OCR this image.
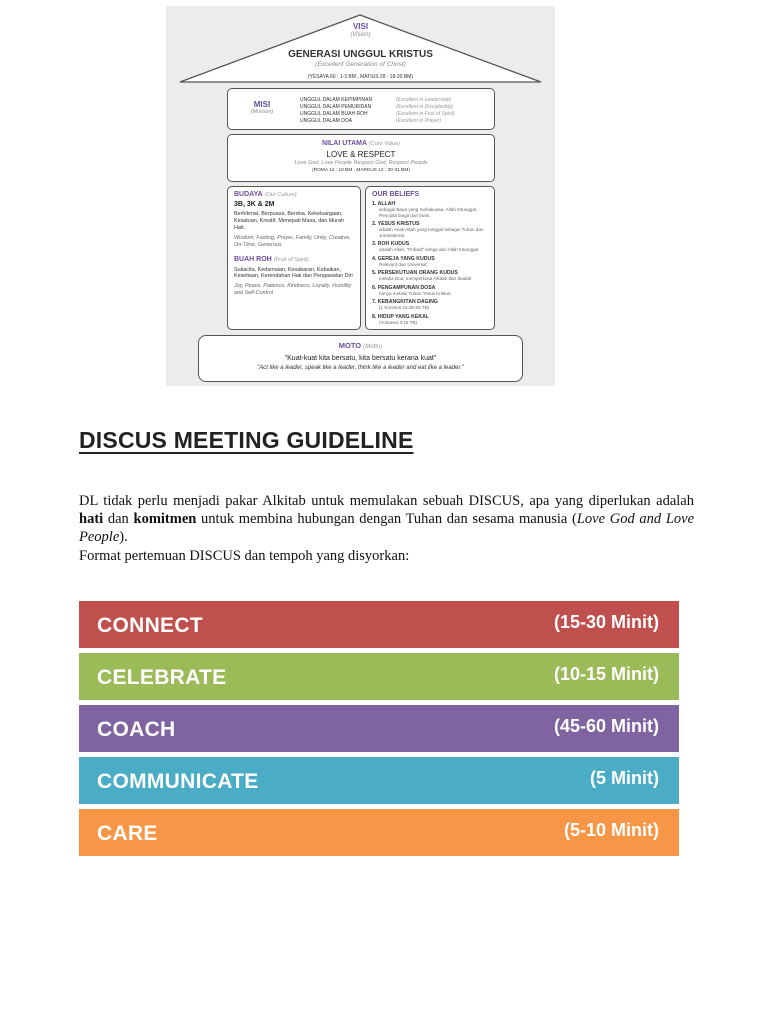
VISI
(Vision)
GENERASI UNGGUL KRISTUS
(Excellent Generation of Christ)
(YESAYA 60 : 1-3 BM , MATIUS 28 : 18-20 BM)
MISI
(Mission)
UNGGUL DALAM KEPIMPINAN	(Excellent in Leadership)
UNGGUL DALAM PEMURIDAN	(Excellent in Discipleship)
UNGGUL DALAM BUAH ROH	(Excellent in Fruit of Spirit)
UNGGUL DALAM DOA	(Excellent in Prayer)
NILAI UTAMA (Core Value)
LOVE & RESPECT
Love God, Love People Respect God, Respect People
(ROMA 12 : 10 BM , MARKUS 12 : 30-31 BM)
BUDAYA (Our Culture)
3B, 3K & 2M
Berhikmat, Berpuasa, Berdoa, Kekeluargaan, Kesatuan, Kreatif, Menepati Masa, dan Murah Hati.
Wisdom, Fasting, Prayer, Family, Unity, Creative, On-Time, Generous
BUAH ROH (Fruit of Spirit)
Sukacita, Kedamaian, Kesabaran, Kebaikan, Kesetiaan, Kerendahan Hati dan Pengawalan Diri
Joy, Peace, Patience, Kindness, Loyalty, Humility and Self-Control
OUR BELIEFS
1. ALLAH
sebagai Bapa yang mahakuasa, Allah tritunggal, Pencipta langit dan bumi.
2. YESUS KRISTUS
adalah Anak Allah yang tunggal sebagai Tuhan dan Juruselamat.
3. ROH KUDUS
adalah Allah, "Pribadi" ketiga dari Allah tritunggal.
4. GEREJA YANG KUDUS
Relevant dan Universal.
5. PERSEKUTUAN ORANG KUDUS
melalui Doa, memperkasa Alkitab dan Ibadah
6. PENGAMPUNAN DOSA
hanya melalui Tuhan Yesus Kristus.
7. KEBANGKITAN DAGING
(1 Korintus 15:35-58 TB)
8. HIDUP YANG KEKAL
(Yohanes 3:16 TB)
MOTO (Motto)
"Kuat-kuat kita bersatu, kita bersatu kerana kuat"
"Act like a leader, speak like a leader, think like a leader and eat like a leader."
DISCUS MEETING GUIDELINE
DL tidak perlu menjadi pakar Alkitab untuk memulakan sebuah DISCUS, apa yang diperlukan adalah hati dan komitmen untuk membina hubungan dengan Tuhan dan sesama manusia (Love God and Love People).
Format pertemuan DISCUS dan tempoh yang disyorkan:
CONNECT	(15-30 Minit)
CELEBRATE	(10-15 Minit)
COACH	(45-60 Minit)
COMMUNICATE	(5 Minit)
CARE	(5-10 Minit)
